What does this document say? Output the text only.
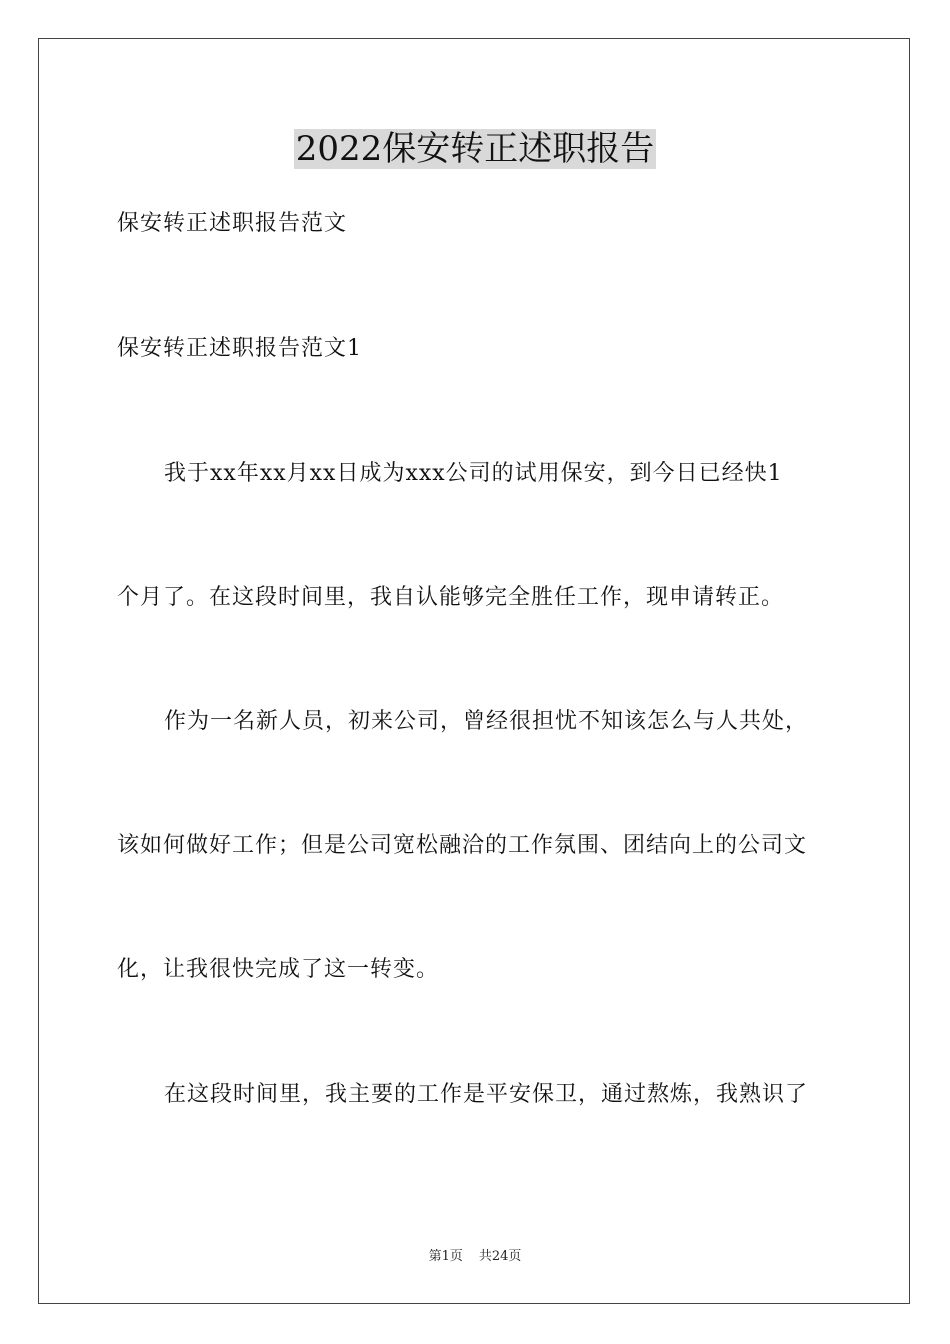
2022保安转正述职报告
保安转正述职报告范文
保安转正述职报告范文1
我于xx年xx月xx日成为xxx公司的试用保安，到今日已经快1
个月了。在这段时间里，我自认能够完全胜任工作，现申请转正。
作为一名新人员，初来公司，曾经很担忧不知该怎么与人共处，
该如何做好工作；但是公司宽松融洽的工作氛围、团结向上的公司文
化，让我很快完成了这一转变。
在这段时间里，我主要的工作是平安保卫，通过熬炼，我熟识了
第1页 共24页
